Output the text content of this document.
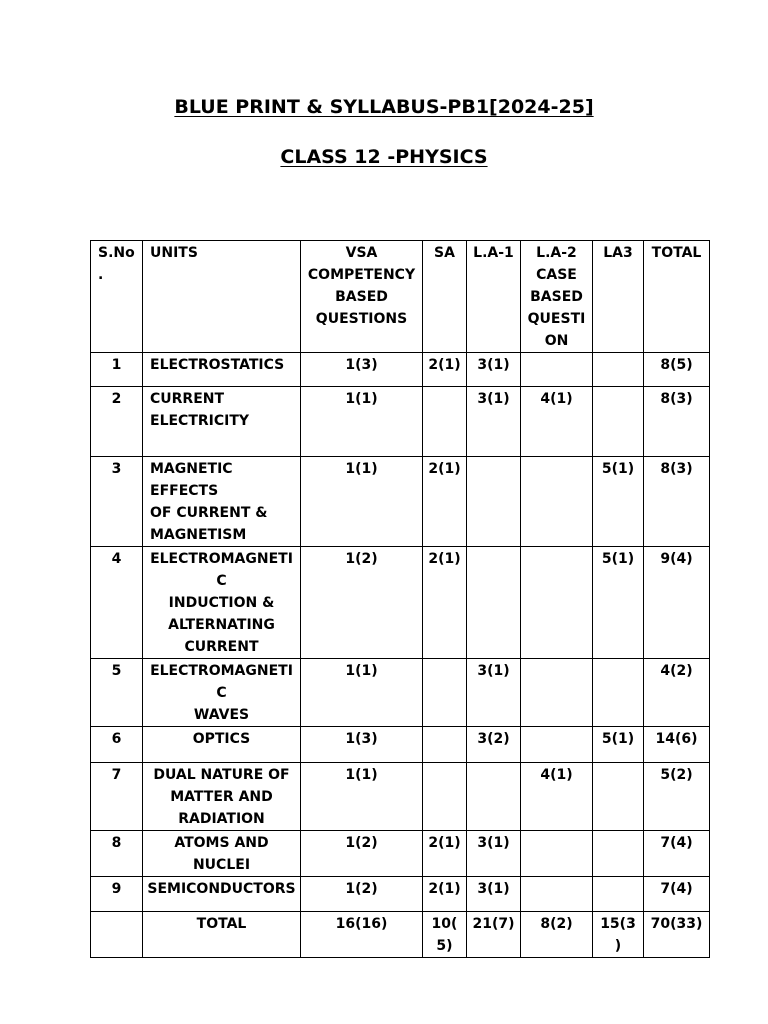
BLUE PRINT & SYLLABUS-PB1[2024-25]
CLASS 12 -PHYSICS
S.No
.	UNITS	VSA
COMPETENCY
BASED
QUESTIONS	SA	L.A-1	L.A-2
CASE
BASED
QUESTI
ON	LA3	TOTAL
1	ELECTROSTATICS	1(3)	2(1)	3(1)			8(5)
2	CURRENT
ELECTRICITY	1(1)		3(1)	4(1)		8(3)
3	MAGNETIC EFFECTS
OF CURRENT &
MAGNETISM	1(1)	2(1)			5(1)	8(3)
4	ELECTROMAGNETIC
INDUCTION &
ALTERNATING
CURRENT	1(2)	2(1)			5(1)	9(4)
5	ELECTROMAGNETIC
WAVES	1(1)		3(1)			4(2)
6	OPTICS	1(3)		3(2)		5(1)	14(6)
7	DUAL NATURE OF
MATTER AND
RADIATION	1(1)			4(1)		5(2)
8	ATOMS AND
NUCLEI	1(2)	2(1)	3(1)			7(4)
9	SEMICONDUCTORS	1(2)	2(1)	3(1)			7(4)
	TOTAL	16(16)	10(5)	21(7)	8(2)	15(3)	70(33)
